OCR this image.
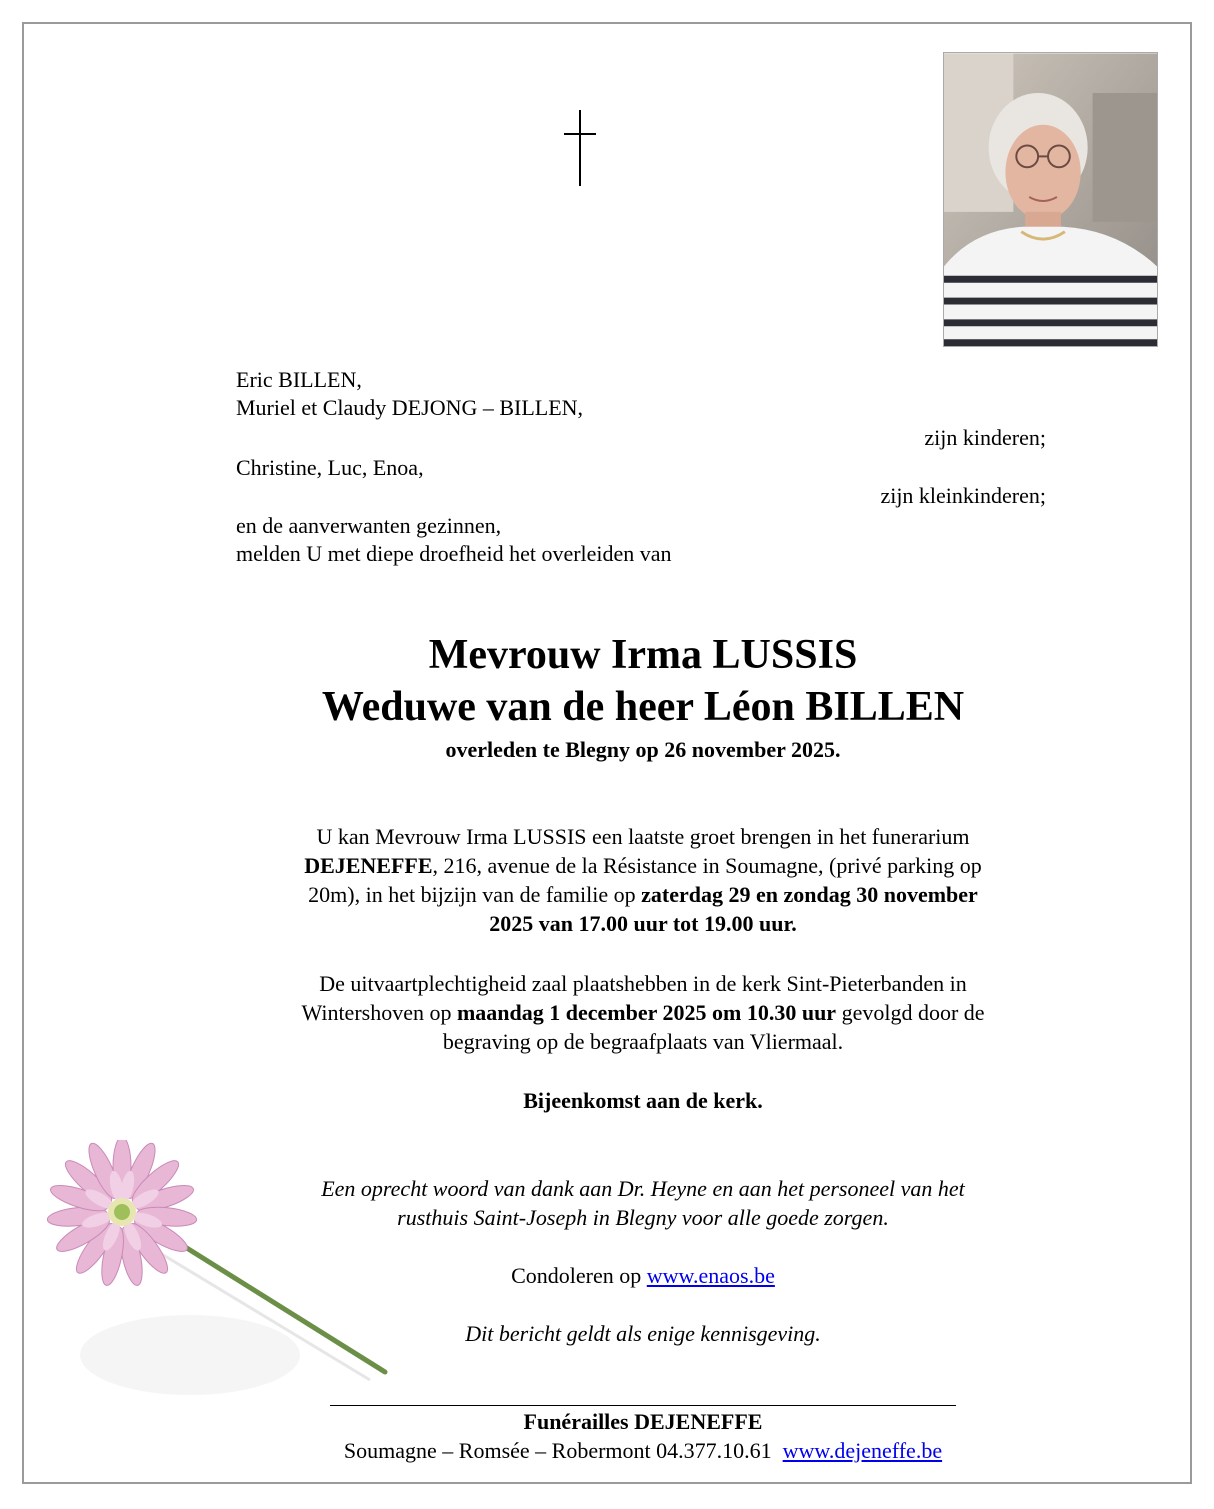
Eric BILLEN,
Muriel et Claudy DEJONG – BILLEN,
zijn kinderen;
Christine, Luc, Enoa,
zijn kleinkinderen;
en de aanverwanten gezinnen,
melden U met diepe droefheid het overleiden van
Mevrouw Irma LUSSIS
Weduwe van de heer Léon BILLEN
overleden te Blegny op 26 november 2025.
U kan Mevrouw Irma LUSSIS een laatste groet brengen in het funerarium
DEJENEFFE, 216, avenue de la Résistance in Soumagne, (privé parking op
20m), in het bijzijn van de familie op zaterdag 29 en zondag 30 november
2025 van 17.00 uur tot 19.00 uur.
De uitvaartplechtigheid zaal plaatshebben in de kerk Sint-Pieterbanden in
Wintershoven op maandag 1 december 2025 om 10.30 uur gevolgd door de
begraving op de begraafplaats van Vliermaal.
Bijeenkomst aan de kerk.
Een oprecht woord van dank aan Dr. Heyne en aan het personeel van het
rusthuis Saint-Joseph in Blegny voor alle goede zorgen.
Condoleren op www.enaos.be
Dit bericht geldt als enige kennisgeving.
Funérailles DEJENEFFE
Soumagne – Romsée – Robermont 04.377.10.61 www.dejeneffe.be
